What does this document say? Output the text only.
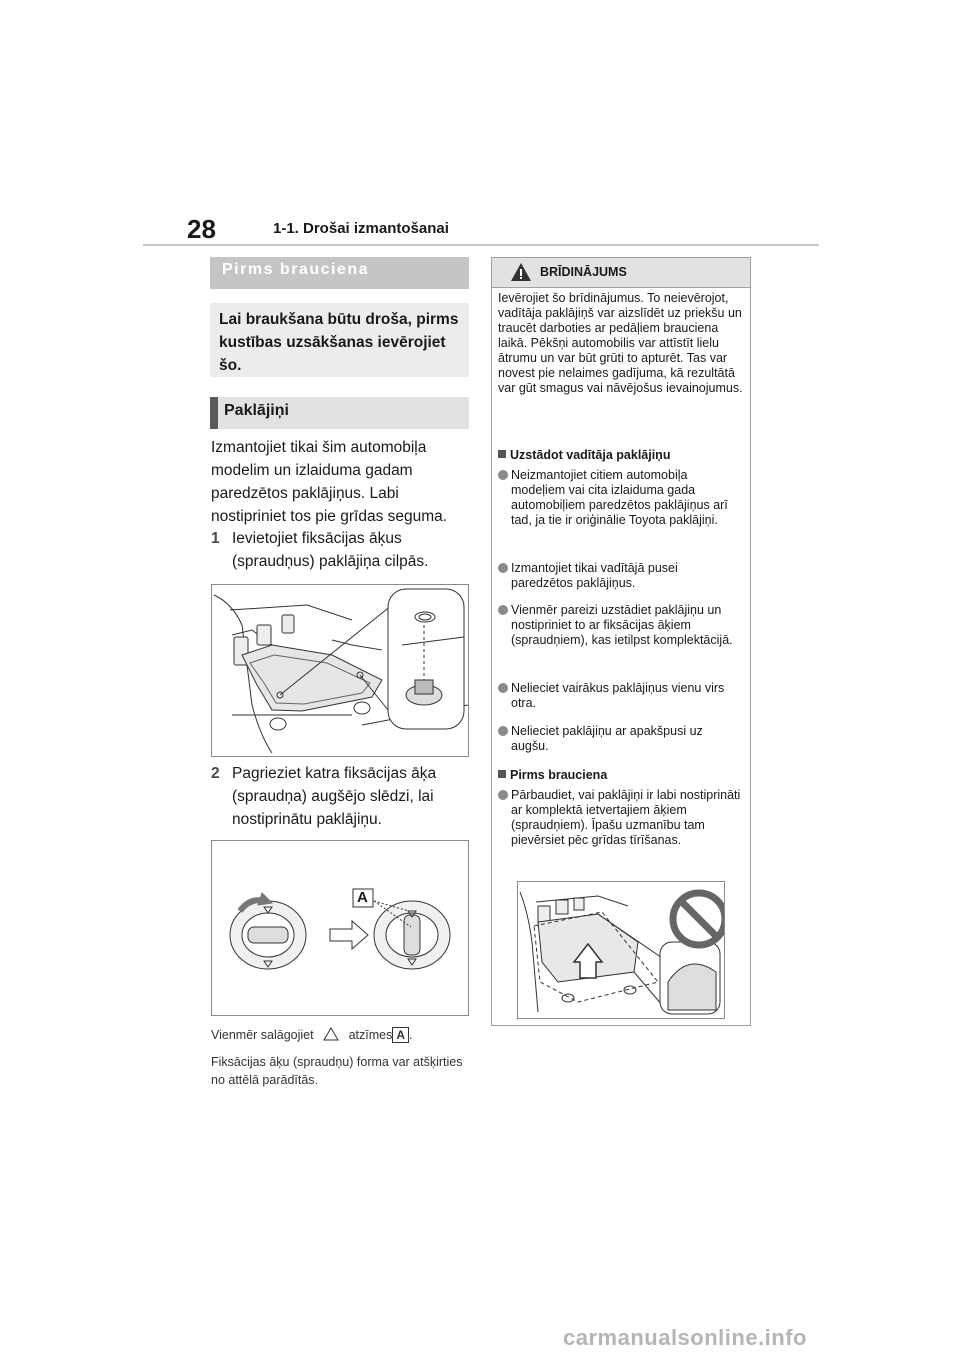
28	1-1. Drošai izmantošanai
Pirms brauciena
Lai braukšana būtu droša, pirms kustības uzsākšanas ievērojiet šo.
Paklājiņi
Izmantojiet tikai šim automobiļa modelim un izlaiduma gadam paredzētos paklājiņus. Labi nostipriniet tos pie grīdas seguma.
1 Ievietojiet fiksācijas āķus (spraudņus) paklājiņa cilpās.
2 Pagrieziet katra fiksācijas āķa (spraudņa) augšējo slēdzi, lai nostiprinātu paklājiņu.
A
Vienmēr salāgojiet	atzīmes A .
Fiksācijas āķu (spraudņu) forma var atšķirties no attēlā parādītās.
BRĪDINĀJUMS
Ievērojiet šo brīdinājumus. To neievērojot, vadītāja paklājiņš var aizslīdēt uz priekšu un traucēt darboties ar pedāļiem brauciena laikā. Pēkšņi automobilis var attīstīt lielu ātrumu un var būt grūti to apturēt. Tas var novest pie nelaimes gadījuma, kā rezultātā var gūt smagus vai nāvējošus ievainojumus.
Uzstādot vadītāja paklājiņu
Neizmantojiet citiem automobiļa modeļiem vai cita izlaiduma gada automobiļiem paredzētos paklājiņus arī tad, ja tie ir oriģinālie Toyota paklājiņi.
Izmantojiet tikai vadītājā pusei paredzētos paklājiņus.
Vienmēr pareizi uzstādiet paklājiņu un nostipriniet to ar fiksācijas āķiem (spraudņiem), kas ietilpst komplektācijā.
Nelieciet vairākus paklājiņus vienu virs otra.
Nelieciet paklājiņu ar apakšpusi uz augšu.
Pirms brauciena
Pārbaudiet, vai paklājiņi ir labi nostiprināti ar komplektā ietvertajiem āķiem (spraudņiem). Īpašu uzmanību tam pievērsiet pēc grīdas tīrīšanas.
carmanualsonline.info
